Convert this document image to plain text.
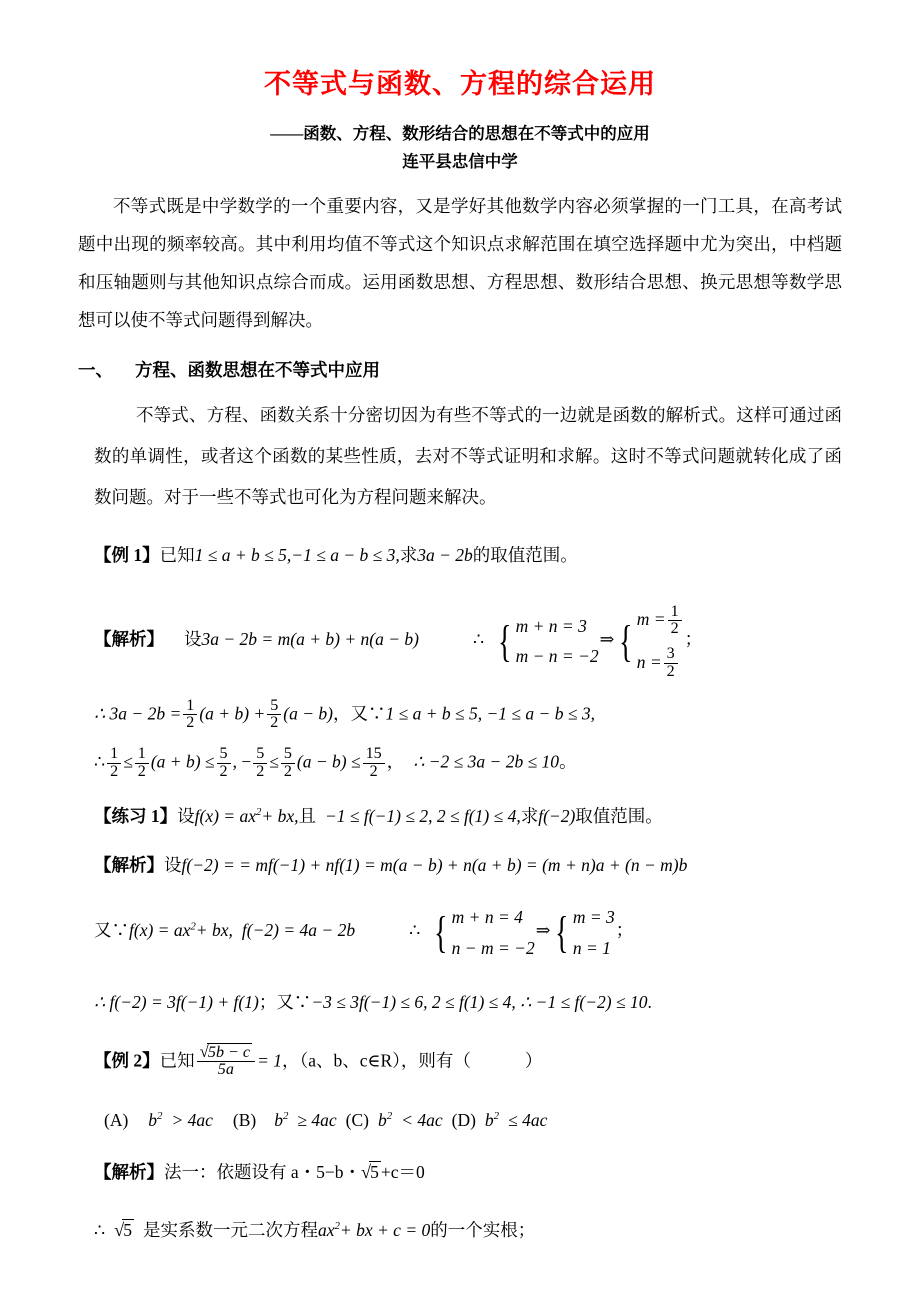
不等式与函数、方程的综合运用
——函数、方程、数形结合的思想在不等式中的应用
连平县忠信中学

不等式既是中学数学的一个重要内容，又是学好其他数学内容必须掌握的一门工具，在高考试题中出现的频率较高。其中利用均值不等式这个知识点求解范围在填空选择题中尤为突出，中档题和压轴题则与其他知识点综合而成。运用函数思想、方程思想、数形结合思想、换元思想等数学思想可以使不等式问题得到解决。

一、 方程、函数思想在不等式中应用

不等式、方程、函数关系十分密切因为有些不等式的一边就是函数的解析式。这样可通过函数的单调性，或者这个函数的某些性质，去对不等式证明和求解。这时不等式问题就转化成了函数问题。对于一些不等式也可化为方程问题来解决。

【例 1】已知1 ≤ a + b ≤ 5,−1 ≤ a − b ≤ 3,求3a − 2b的取值范围。
【解析】 设3a − 2b = m(a + b) + n(a − b)	∴ { m + n = 3
m − n = −2
⇒ { $m = \frac{1}{2}$
$n = \frac{3}{2}$
；
∴ $3a - 2b = \frac{1}{2} (a + b) + \frac{5}{2} (a - b)$，又∵1 ≤ a + b ≤ 5, −1 ≤ a − b ≤ 3,
∴ $\frac{1}{2} \le \frac{1}{2} (a + b) \le \frac{5}{2}$ , − $\frac{5}{2} \le \frac{5}{2} (a - b) \le \frac{15}{2}$ ， ∴ −2 ≤ 3a − 2b ≤ 10。
【练习 1】设$f(x) = ax^2+$ bx,且 −1 ≤ f(−1) ≤ 2, 2 ≤ f(1) ≤ 4,求f(−2)取值范围。
【解析】设f(−2) = = mf(−1) + nf(1) = m(a − b) + n(a + b) = (m + n)a + (n − m)b
又∵f(x) = $ax^2+$ bx, f(−2) = 4a − 2b	∴ { m + n = 4
n − m = −2
⇒ { m = 3
n = 1
；
∴ f(−2) = 3f(−1) + f(1)；又∵−3 ≤ 3f(−1) ≤ 6, 2 ≤ f(1) ≤ 4, ∴ −1 ≤ f(−2) ≤ 10.
【例 2】已知 $\frac{√5b - c}{5a} = 1$，（a、b、c∈R），则有（	）
(A) $b^2 > 4ac$ (B) $b^2 \ge 4ac$ (C) $b^2 < 4ac$ (D) $b^2 \le 4ac$
【解析】法一：依题设有 a・5−b・√5 +c＝0
∴ √5 是实系数一元二次方程$ax^2+$ bx + c = 0的一个实根；
